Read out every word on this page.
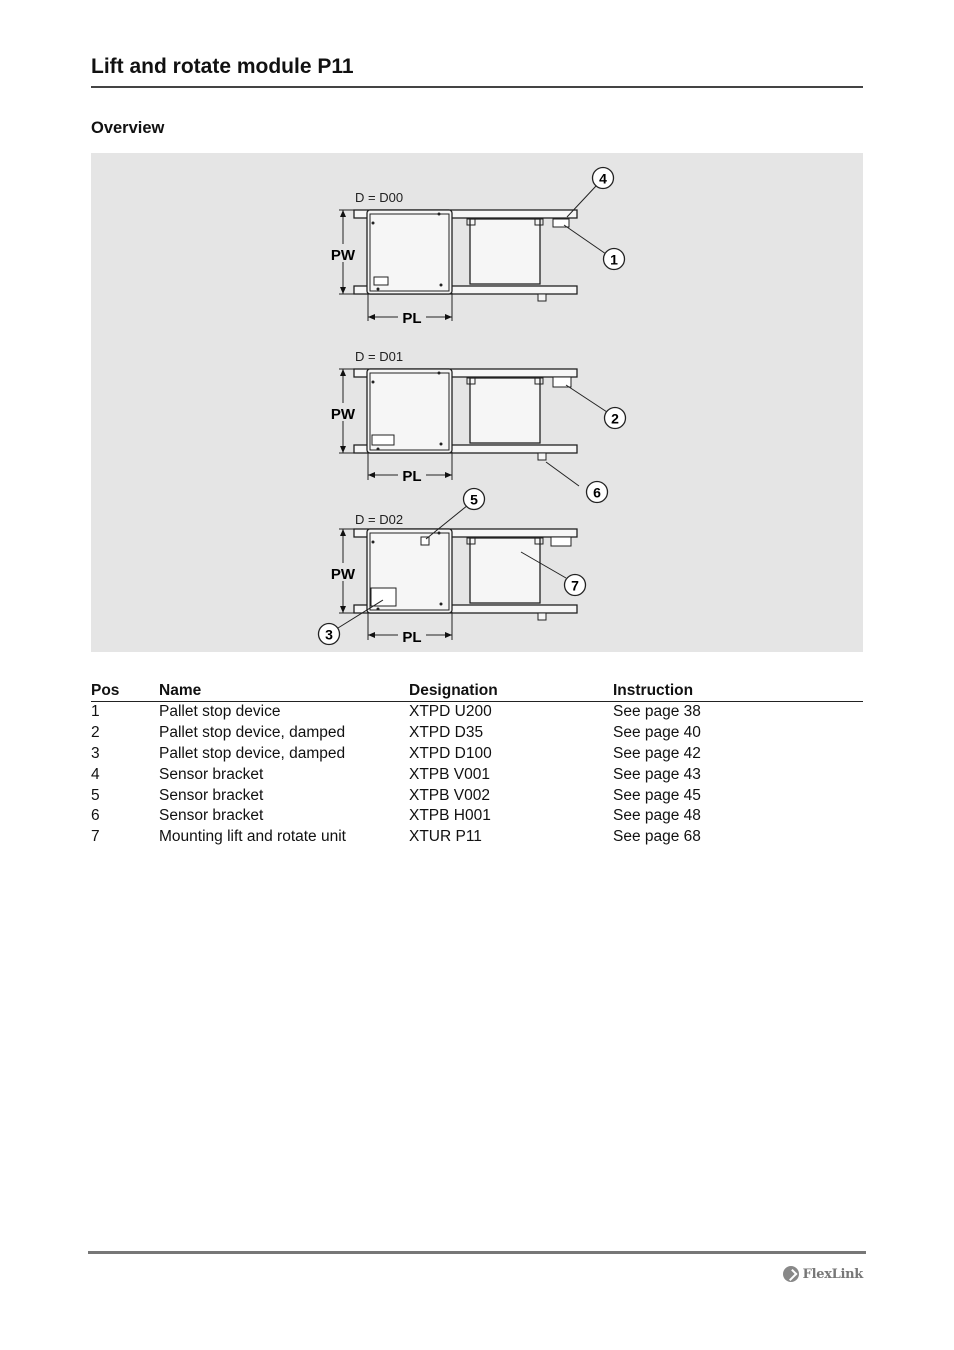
Lift and rotate module P11
Overview
D = D00
PW
PL
D = D01
PW
PL
D = D02
PW
PL
1
2
3
4
5	6
7
Pos	Name	Designation	Instruction
1	Pallet stop device	XTPD U200	See page 38
2	Pallet stop device, damped	XTPD D35	See page 40
3	Pallet stop device, damped	XTPD D100	See page 42
4	Sensor bracket	XTPB V001	See page 43
5	Sensor bracket	XTPB V002	See page 45
6	Sensor bracket	XTPB H001	See page 48
7	Mounting lift and rotate unit	XTUR P11	See page 68
FlexLink
